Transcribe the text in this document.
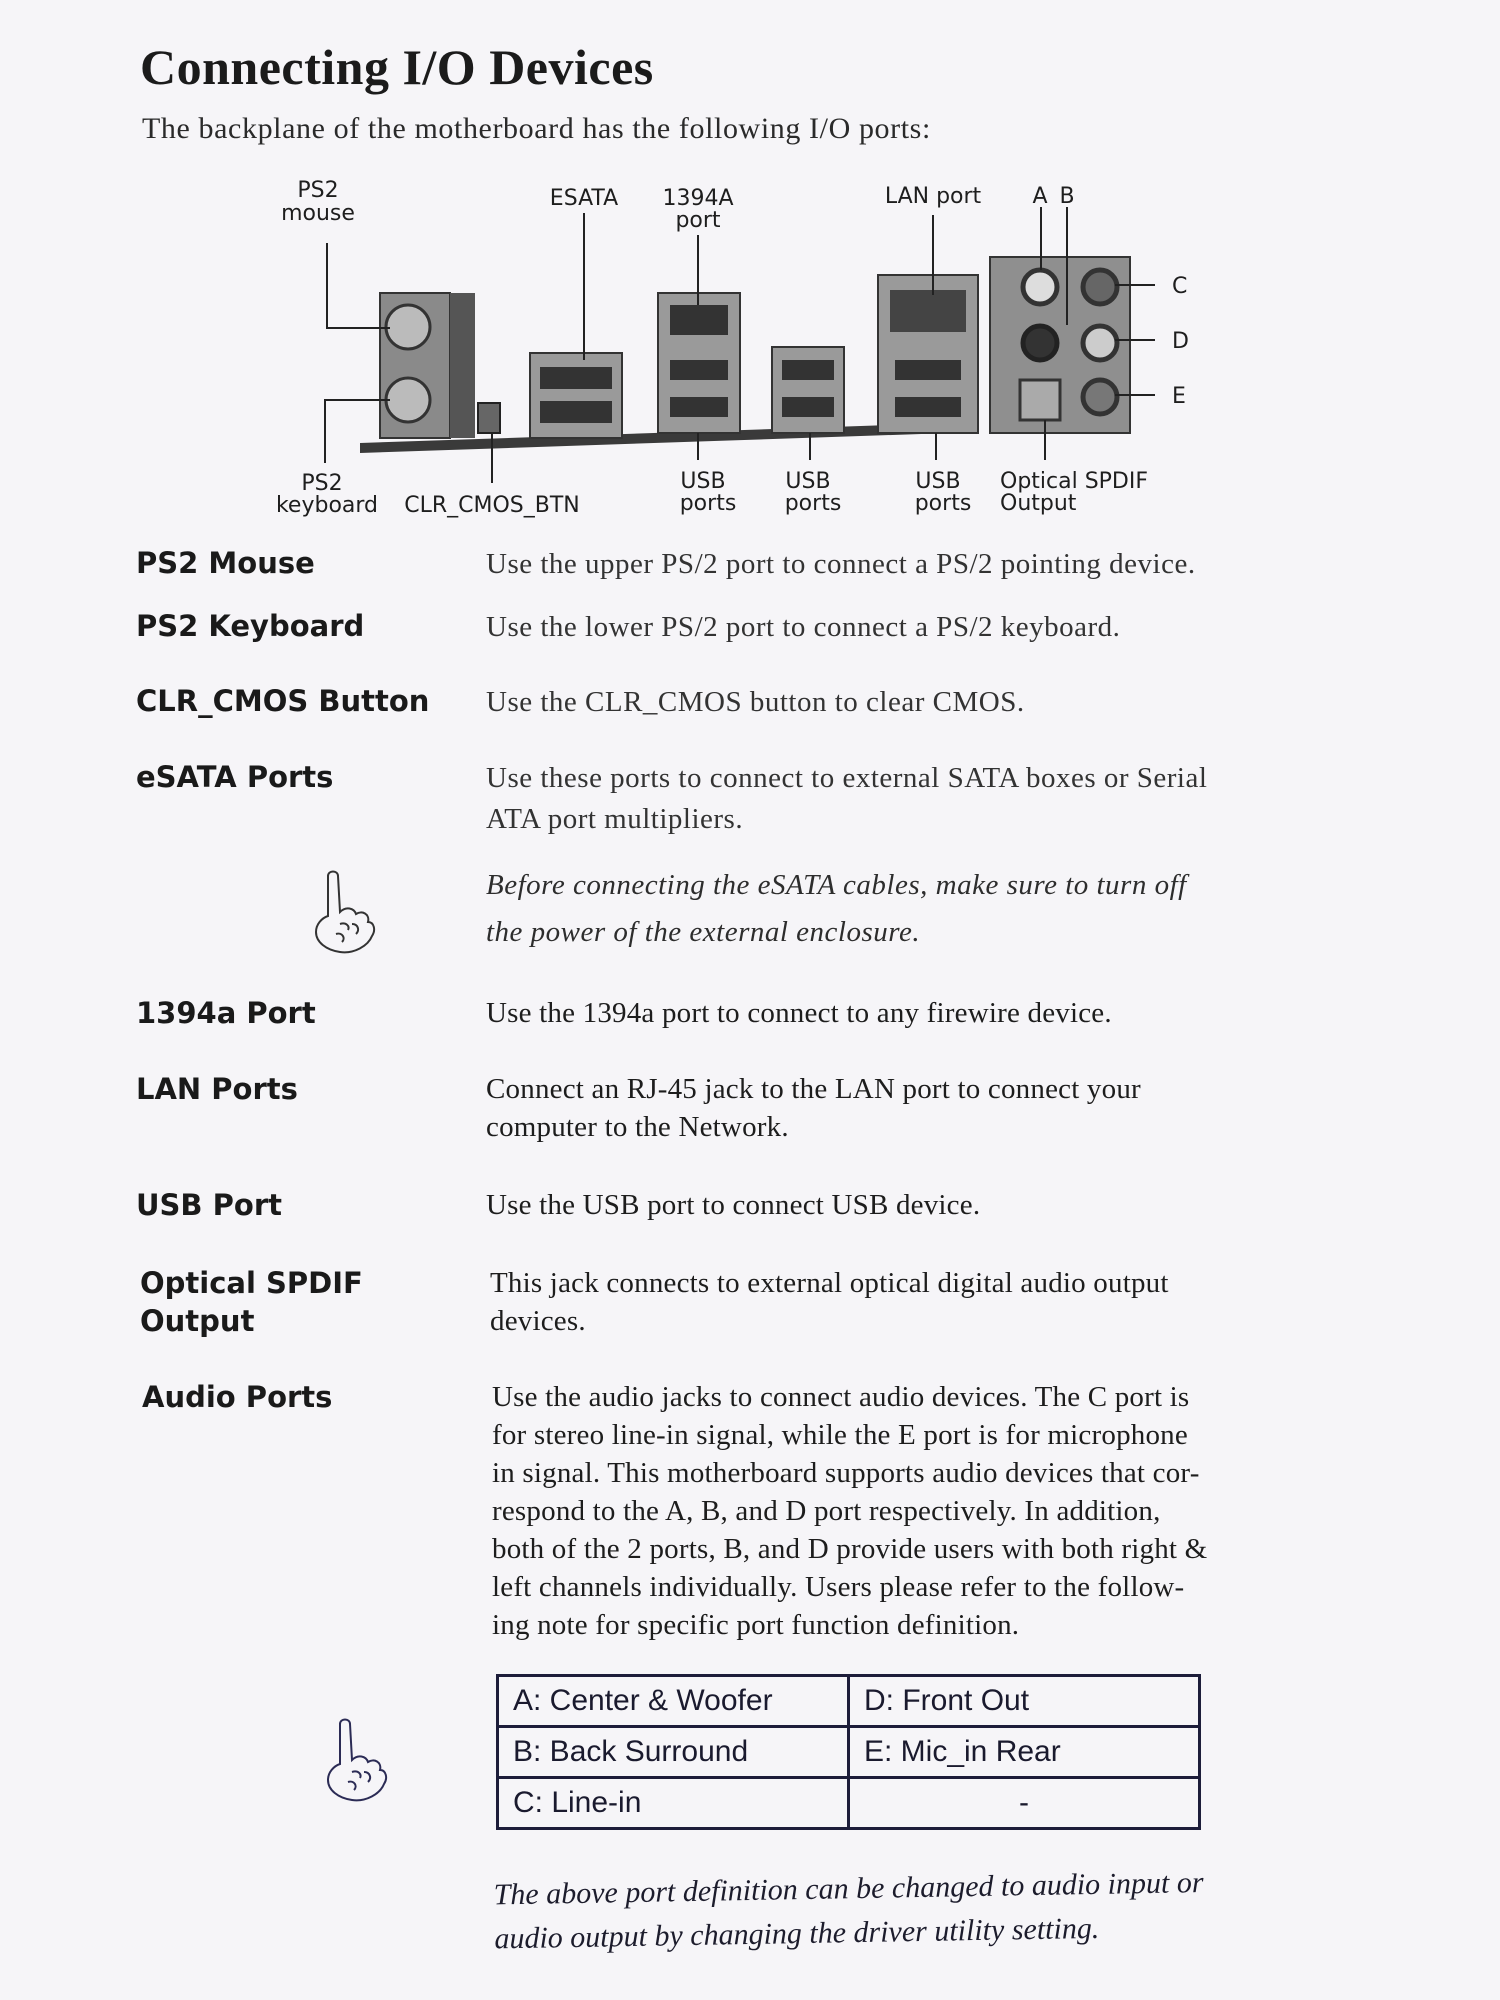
Connecting I/O Devices
The backplane of the motherboard has the following I/O ports:
PS2
mouse
ESATA 1394A
port
LAN port A B
C
D
E
PS2
keyboard CLR_CMOS_BTN
USB
ports
USB
ports
USB
ports
Optical SPDIF
Output
PS2 Mouse	Use the upper PS/2 port to connect a PS/2 pointing device.
PS2 Keyboard	Use the lower PS/2 port to connect a PS/2 keyboard.
CLR_CMOS Button	Use the CLR_CMOS button to clear CMOS.
eSATA Ports	Use these ports to connect to external SATA boxes or Serial
ATA port multipliers.
Before connecting the eSATA cables, make sure to turn off
the power of the external enclosure.
1394a Port	Use the 1394a port to connect to any firewire device.
LAN Ports	Connect an RJ-45 jack to the LAN port to connect your
computer to the Network.
USB Port	Use the USB port to connect USB device.
Optical SPDIF
Output
This jack connects to external optical digital audio output
devices.
Audio Ports	Use the audio jacks to connect audio devices. The C port is
for stereo line-in signal, while the E port is for microphone
in signal. This motherboard supports audio devices that cor-
respond to the A, B, and D port respectively. In addition,
both of the 2 ports, B, and D provide users with both right &
left channels individually. Users please refer to the follow-
ing note for specific port function definition.
A: Center & Woofer	D: Front Out
B: Back Surround	E: Mic_in Rear
C: Line-in	-
The above port definition can be changed to audio input or
audio output by changing the driver utility setting.
